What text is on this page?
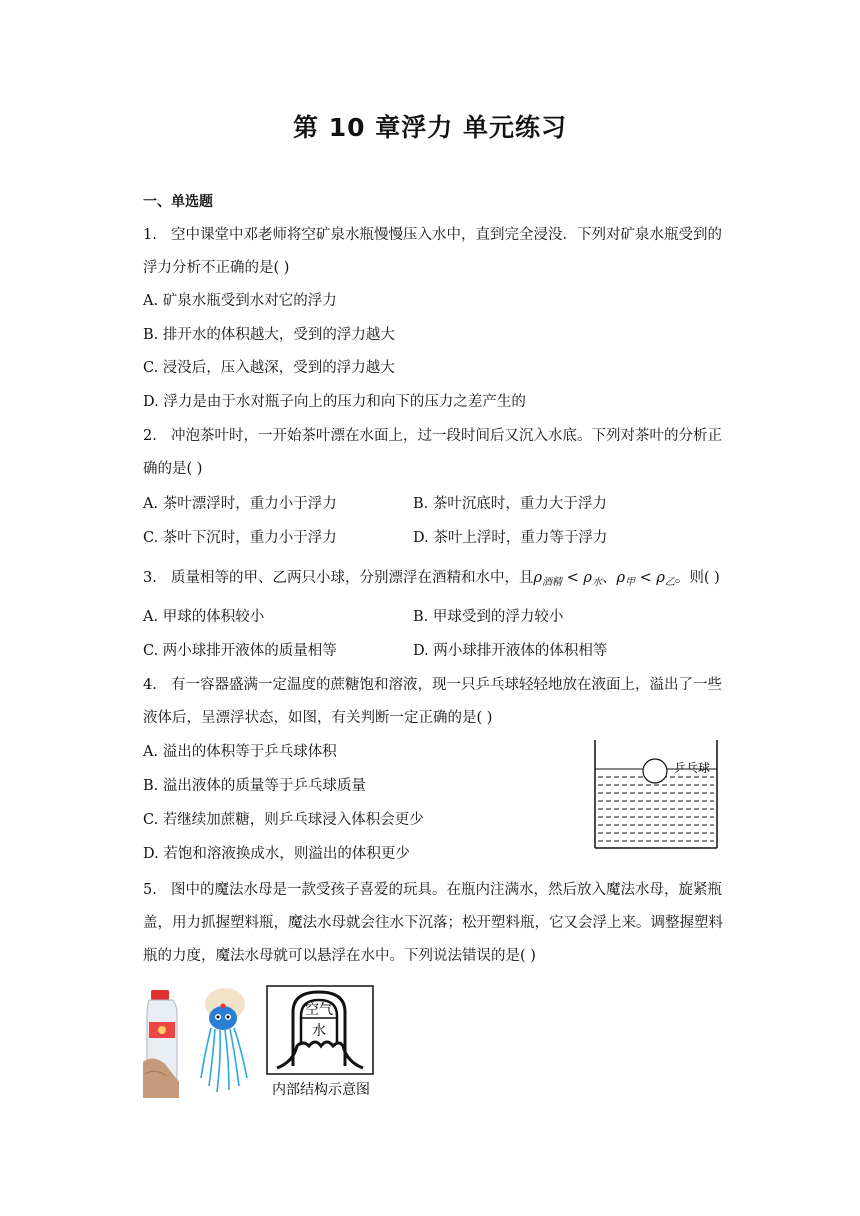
第 10 章浮力 单元练习
一、单选题
1. 空中课堂中邓老师将空矿泉水瓶慢慢压入水中，直到完全浸没．下列对矿泉水瓶受到的
浮力分析不正确的是( )
A. 矿泉水瓶受到水对它的浮力
B. 排开水的体积越大，受到的浮力越大
C. 浸没后，压入越深，受到的浮力越大
D. 浮力是由于水对瓶子向上的压力和向下的压力之差产生的
2. 冲泡茶叶时，一开始茶叶漂在水面上，过一段时间后又沉入水底。下列对茶叶的分析正
确的是( )
A. 茶叶漂浮时，重力小于浮力	B. 茶叶沉底时，重力大于浮力
C. 茶叶下沉时，重力小于浮力	D. 茶叶上浮时，重力等于浮力
3. 质量相等的甲、乙两只小球，分别漂浮在酒精和水中，且$\rho_{酒精} < \rho_水$、$\rho_甲 < \rho_乙$。则( )
A. 甲球的体积较小	B. 甲球受到的浮力较小
C. 两小球排开液体的质量相等	D. 两小球排开液体的体积相等
4. 有一容器盛满一定温度的蔗糖饱和溶液，现一只乒乓球轻轻地放在液面上，溢出了一些
液体后，呈漂浮状态，如图，有关判断一定正确的是( )
A. 溢出的体积等于乒乓球体积
B. 溢出液体的质量等于乒乓球质量
C. 若继续加蔗糖，则乒乓球浸入体积会更少
D. 若饱和溶液换成水，则溢出的体积更少
乒乓球
5. 图中的魔法水母是一款受孩子喜爱的玩具。在瓶内注满水，然后放入魔法水母，旋紧瓶
盖，用力抓握塑料瓶，魔法水母就会往水下沉落；松开塑料瓶，它又会浮上来。调整握塑料
瓶的力度，魔法水母就可以悬浮在水中。下列说法错误的是( )
空气
水
内部结构示意图
